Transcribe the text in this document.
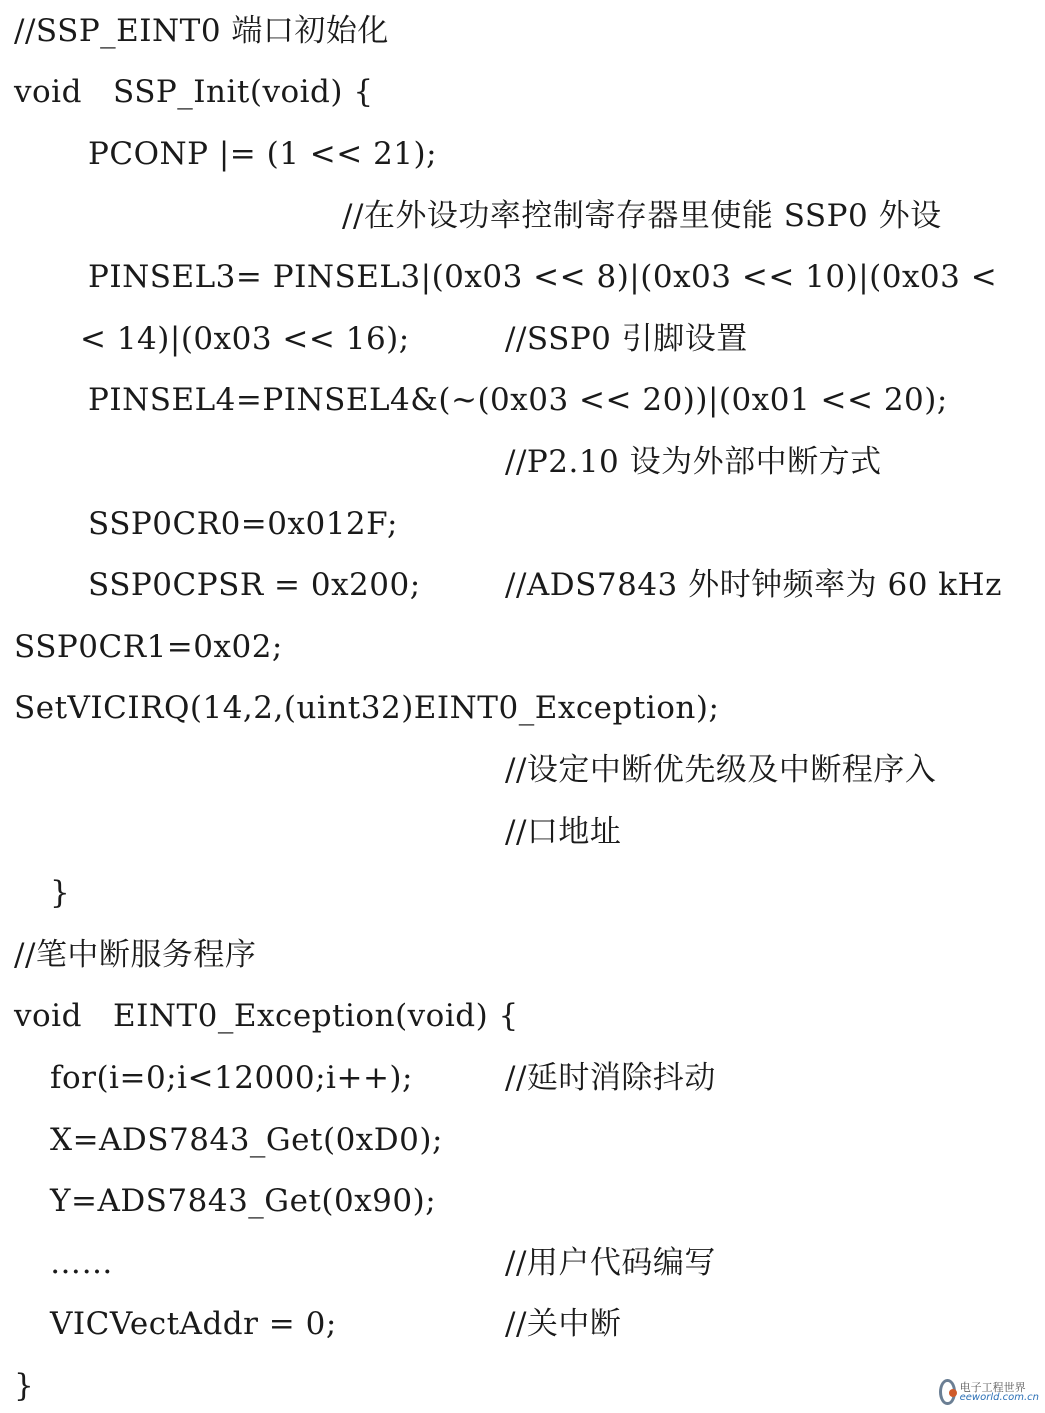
//SSP_EINT0 端口初始化
void   SSP_Init(void) {
PCONP |= (1 << 21);
//在外设功率控制寄存器里使能 SSP0 外设
PINSEL3= PINSEL3|(0x03 << 8)|(0x03 << 10)|(0x03 <
< 14)|(0x03 << 16);	//SSP0 引脚设置
PINSEL4=PINSEL4&(~(0x03 << 20))|(0x01 << 20);
//P2.10 设为外部中断方式
SSP0CR0=0x012F;
SSP0CPSR = 0x200;	//ADS7843 外时钟频率为 60 kHz
SSP0CR1=0x02;
SetVICIRQ(14,2,(uint32)EINT0_Exception);
//设定中断优先级及中断程序入
//口地址
}
//笔中断服务程序
void   EINT0_Exception(void) {
for(i=0;i<12000;i++);	//延时消除抖动
X=ADS7843_Get(0xD0);
Y=ADS7843_Get(0x90);
……	//用户代码编写
VICVectAddr = 0;	//关中断
}	电子工程世界
eeworld.com.cn
